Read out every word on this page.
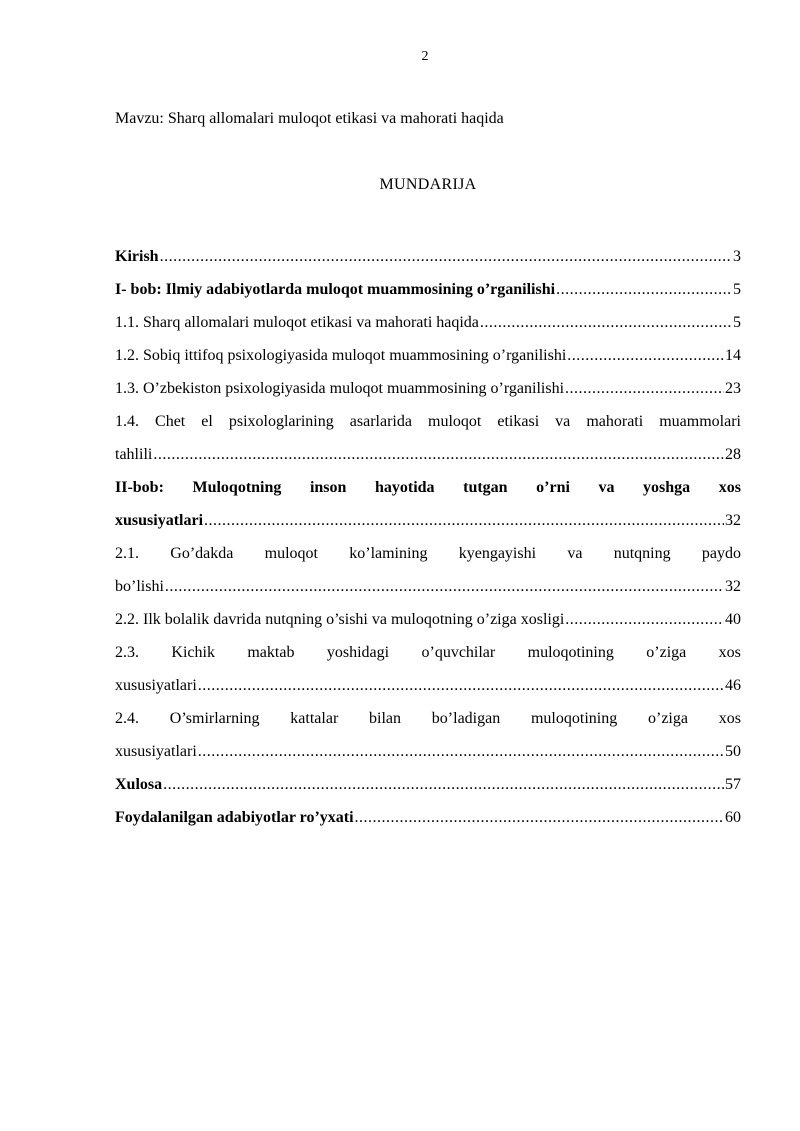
2
Mavzu: Sharq allomalari muloqot etikasi va mahorati haqida
MUNDARIJA
Kirish .....	3
I- bob: Ilmiy adabiyotlarda muloqot muammosining o’rganilishi .....	5
1.1. Sharq allomalari muloqot etikasi va mahorati haqida .....	5
1.2. Sobiq ittifoq psixologiyasida muloqot muammosining o’rganilishi .....	14
1.3. O’zbekiston psixologiyasida muloqot muammosining o’rganilishi .....	23
1.4. Chet el psixologlarining asarlarida muloqot etikasi va mahorati muammolari
tahlili .....	28
II-bob: Muloqotning inson hayotida tutgan o’rni va yoshga xos
xususiyatlari .....	32
2.1. Go’dakda muloqot ko’lamining kyengayishi va nutqning paydo
bo’lishi .....	32
2.2. Ilk bolalik davrida nutqning o’sishi va muloqotning o’ziga xosligi .....	40
2.3. Kichik maktab yoshidagi o’quvchilar muloqotining o’ziga xos
xususiyatlari .....	46
2.4. O’smirlarning kattalar bilan bo’ladigan muloqotining o’ziga xos
xususiyatlari .....	50
Xulosa .....	57
Foydalanilgan adabiyotlar ro’yxati .....	60
